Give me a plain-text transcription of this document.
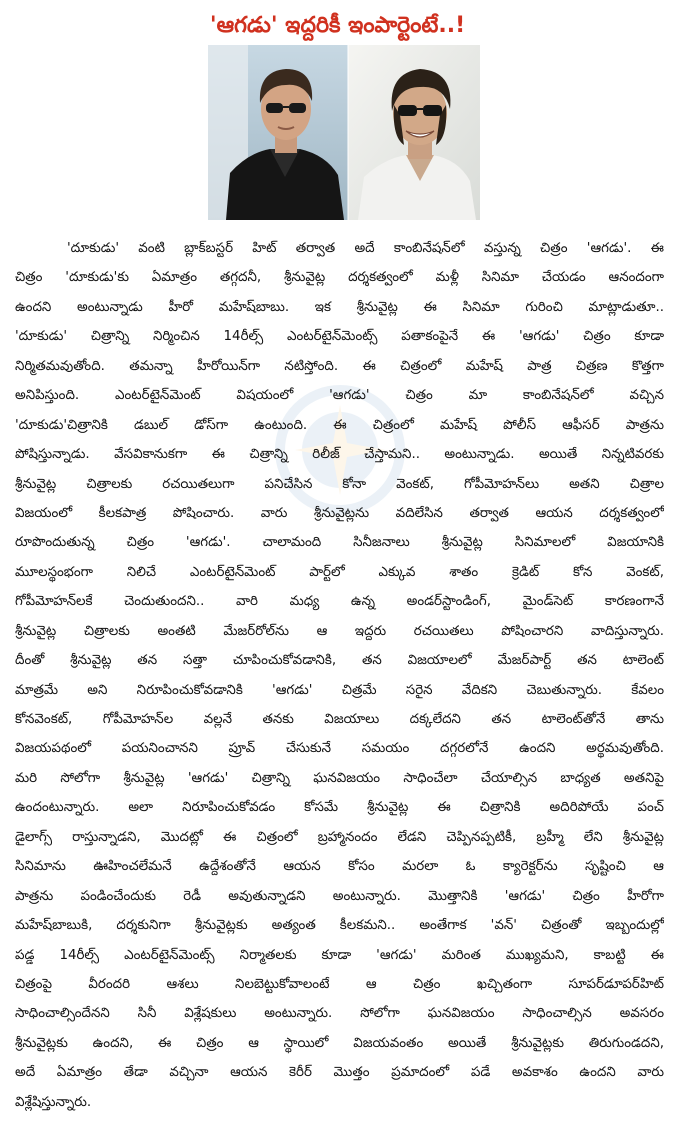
'ఆగడు' ఇద్దరికీ ఇంపార్టెంటే..!
'దూకుడు' వంటి బ్లాక్‌బస్టర్ హిట్ తర్వాత అదే కాంబినేషన్‌లో వస్తున్న చిత్రం 'ఆగడు'. ఈ
చిత్రం 'దూకుడు'కు ఏమాత్రం తగ్గదనీ, శ్రీనువైట్ల దర్శకత్వంలో మళ్లీ సినిమా చేయడం ఆనందంగా
ఉందని అంటున్నాడు హీరో మహేష్‌బాబు. ఇక శ్రీనువైట్ల ఈ సినిమా గురించి మాట్లాడుతూ..
'దూకుడు' చిత్రాన్ని నిర్మించిన 14రీల్స్ ఎంటర్‌టైన్‌మెంట్స్ పతాకంపైనే ఈ 'ఆగడు' చిత్రం కూడా
నిర్మితమవుతోంది. తమన్నా హీరోయిన్‌గా నటిస్తోంది. ఈ చిత్రంలో మహేష్ పాత్ర చిత్రణ కొత్తగా
అనిపిస్తుంది. ఎంటర్‌టైన్‌మెంట్ విషయంలో 'ఆగడు' చిత్రం మా కాంబినేషన్‌లో వచ్చిన
'దూకుడు'చిత్రానికి డబుల్ డోస్‌గా ఉంటుంది. ఈ చిత్రంలో మహేష్ పోలీస్ ఆఫీసర్ పాత్రను
పోషిస్తున్నాడు. వేసవికానుకగా ఈ చిత్రాన్ని రిలీజ్ చేస్తామని.. అంటున్నాడు. అయితే నిన్నటివరకు
శ్రీనువైట్ల చిత్రాలకు రచయితలుగా పనిచేసిన కోనా వెంకట్, గోపీమోహన్‌లు అతని చిత్రాల
విజయంలో కీలకపాత్ర పోషించారు. వారు శ్రీనువైట్లను వదిలేసిన తర్వాత ఆయన దర్శకత్వంలో
రూపొందుతున్న చిత్రం 'ఆగడు'. చాలామంది సినీజనాలు శ్రీనువైట్ల సినిమాలలో విజయానికి
మూలస్థంభంగా నిలిచే ఎంటర్‌టైన్‌మెంట్ పార్ట్‌లో ఎక్కువ శాతం క్రెడిట్ కోన వెంకట్,
గోపీమోహన్‌లకే చెందుతుందని.. వారి మధ్య ఉన్న అండర్‌స్టాండింగ్, మైండ్‌సెట్ కారణంగానే
శ్రీనువైట్ల చిత్రాలకు అంతటి మేజర్‌రోల్‌ను ఆ ఇద్దరు రచయితలు పోషించారని వాదిస్తున్నారు.
దీంతో శ్రీనువైట్ల తన సత్తా చూపించుకోవడానికి, తన విజయాలలో మేజర్‌పార్ట్ తన టాలెంట్
మాత్రమే అని నిరూపించుకోవడానికి 'ఆగడు' చిత్రమే సరైన వేదికని చెబుతున్నారు. కేవలం
కోనవెంకట్, గోపీమోహన్‌ల వల్లనే తనకు విజయాలు దక్కలేదని తన టాలెంట్‌తోనే తాను
విజయపథంలో పయనించానని ప్రూవ్ చేసుకునే సమయం దగ్గరలోనే ఉందని అర్థమవుతోంది.
మరి సోలోగా శ్రీనువైట్ల 'ఆగడు' చిత్రాన్ని ఘనవిజయం సాధించేలా చేయాల్సిన బాధ్యత అతనిపై
ఉందంటున్నారు. అలా నిరూపించుకోవడం కోసమే శ్రీనువైట్ల ఈ చిత్రానికి అదిరిపోయే పంచ్
డైలాగ్స్ రాస్తున్నాడని, మొదట్లో ఈ చిత్రంలో బ్రహ్మానందం లేడని చెప్పినప్పటికీ, బ్రహ్మీ లేని శ్రీనువైట్ల
సినిమాను ఊహించలేమనే ఉద్దేశంతోనే ఆయన కోసం మరలా ఓ క్యారెక్టర్‌ను సృష్టించి ఆ
పాత్రను పండించేందుకు రెడీ అవుతున్నాడని అంటున్నారు. మొత్తానికి 'ఆగడు' చిత్రం హీరోగా
మహేష్‌బాబుకి, దర్శకునిగా శ్రీనువైట్లకు అత్యంత కీలకమని.. అంతేగాక 'వన్' చిత్రంతో ఇబ్బందుల్లో
పడ్డ 14రీల్స్ ఎంటర్‌టైన్‌మెంట్స్ నిర్మాతలకు కూడా 'ఆగడు' మరింత ముఖ్యమని, కాబట్టి ఈ
చిత్రంపై వీరందరి ఆశలు నిలబెట్టుకోవాలంటే ఆ చిత్రం ఖచ్చితంగా సూపర్‌డూపర్‌హిట్
సాధించాల్సిందేనని సినీ విశ్లేషకులు అంటున్నారు. సోలోగా ఘనవిజయం సాధించాల్సిన అవసరం
శ్రీనువైట్లకు ఉందని, ఈ చిత్రం ఆ స్థాయిలో విజయవంతం అయితే శ్రీనువైట్లకు తిరుగుండదని,
అదే ఏమాత్రం తేడా వచ్చినా ఆయన కెరీర్ మొత్తం ప్రమాదంలో పడే అవకాశం ఉందని వారు
విశ్లేషిస్తున్నారు.
